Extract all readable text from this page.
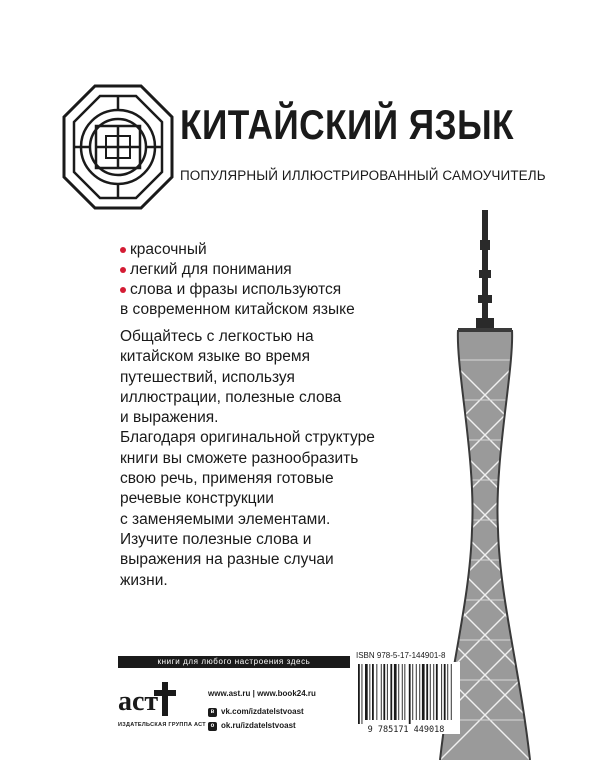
КИТАЙСКИЙ ЯЗЫК
ПОПУЛЯРНЫЙ ИЛЛЮСТРИРОВАННЫЙ САМОУЧИТЕЛЬ
красочный
легкий для понимания
слова и фразы используются
в современном китайском языке
Общайтесь с легкостью на
китайском языке во время
путешествий, используя
иллюстрации, полезные слова
и выражения.
Благодаря оригинальной структуре
книги вы сможете разнообразить
свою речь, применяя готовые
речевые конструкции
с заменяемыми элементами.
Изучите полезные слова и
выражения на разные случаи
жизни.
книги для любого настроения здесь
аст
ИЗДАТЕЛЬСКАЯ ГРУППА АСТ
www.ast.ru | www.book24.ru
в vk.com/izdatelstvoast
о ok.ru/izdatelstvoast
ISBN 978-5-17-144901-8
9 785171 449018
